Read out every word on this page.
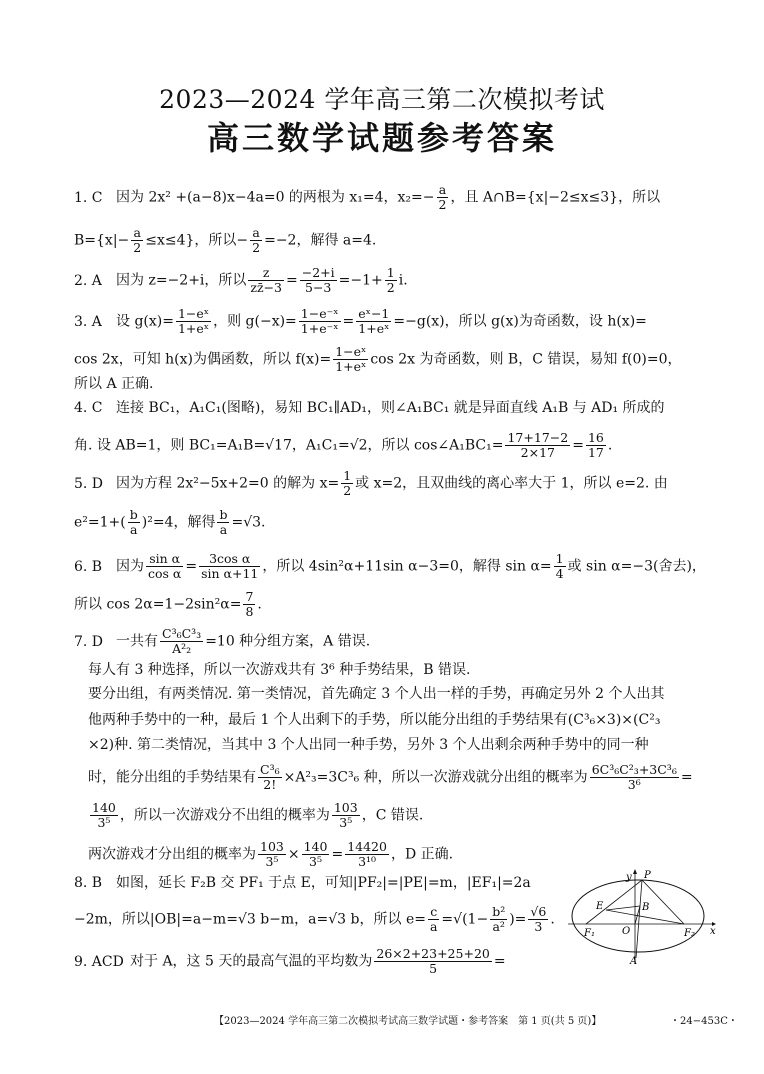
2023—2024 学年高三第二次模拟考试
高三数学试题参考答案
1. C 因为 2x² +(a−8)x−4a=0 的两根为 x₁=4，$x_2=- \frac{a}{2}$ ，且 A∩B={x|−2≤x≤3}，所以
$B=\{x|- \frac{a}{2} \le x\le 4\}$，所以− $\frac{a}{2} =-2$，解得 a=4.
2. A 因为 z=−2+i，所以 $\frac{z}{zz̄-3} = \frac{-2+i}{5-3} =-1+ \frac{1}{2} i$.
3. A 设 $g(x)= \frac{\text{1−eˣ}}{\text{1+eˣ}}$ ，则 $g(-x)= \frac{\text{1−e⁻ˣ}}{\text{1+e⁻ˣ}} = \frac{\text{eˣ−1}}{\text{1+eˣ}} =-g(x)$，所以 g(x)为奇函数，设 h(x)=
cos 2x，可知 h(x)为偶函数，所以 $f(x)= \frac{\text{1−eˣ}}{\text{1+eˣ}}$ cos 2x 为奇函数，则 B，C 错误，易知 f(0)=0，
所以 A 正确.
4. C 连接 BC₁，A₁C₁(图略)，易知 BC₁∥AD₁，则∠A₁BC₁ 就是异面直线 A₁B 与 AD₁ 所成的
角. 设 AB=1，则 BC₁=A₁B=√17，A₁C₁=√2，所以 cos∠A₁BC₁= $\frac{17+17-2}{2\times 17} = \frac{16}{17}$ .
5. D 因为方程 2x²−5x+2=0 的解为 $x= \frac{1}{2}$ 或 x=2，且双曲线的离心率大于 1，所以 e=2. 由
$e^2=1+( \frac{b}{a} )^2=4$，解得 $\frac{b}{a} =√3$.
6. B 因为 $\frac{\text{sin α}}{\text{cos α}} = \frac{\text{3cos α}}{\text{sin α+11}}$ ，所以 4sin²α+11sin α−3=0，解得 $\sin \alpha= \frac{1}{4}$ 或 sin α=−3(舍去)，
所以 $\cos 2\alpha=1-2\sin^2\alpha= \frac{7}{8}$ .
7. D 一共有 $\frac{\text{C³₆C³₃}}{\text{A²₂}} =10$ 种分组方案，A 错误.
每人有 3 种选择，所以一次游戏共有 3⁶ 种手势结果，B 错误.
要分出组，有两类情况. 第一类情况，首先确定 3 个人出一样的手势，再确定另外 2 个人出其
他两种手势中的一种，最后 1 个人出剩下的手势，所以能分出组的手势结果有(C³₆×3)×(C²₃
×2)种. 第二类情况，当其中 3 个人出同一种手势，另外 3 个人出剩余两种手势中的同一种
时，能分出组的手势结果有 $\frac{\text{C³₆}}{2!} \times A^2_3=3C^3_6$ 种，所以一次游戏就分出组的概率为 $\frac{\text{6C³₆C²₃+3C³₆}}{\text{3⁶}}$ =
$\frac{140}{\text{3⁵}}$ ，所以一次游戏分不出组的概率为 $\frac{103}{\text{3⁵}}$ ，C 错误.
两次游戏才分出组的概率为 $\frac{103}{\text{3⁵}} \times \frac{140}{\text{3⁵}} = \frac{14420}{\text{3¹⁰}}$ ，D 正确.
8. B 如图，延长 F₂B 交 PF₁ 于点 E，可知|PF₂|=|PE|=m，|EF₁|=2a
−2m，所以|OB|=a−m=√3 b−m，a=√3 b，所以 $e= \frac{c}{a} =√(1- \frac{\text{b²}}{\text{a²}}$ )= $\frac{√6}{3}$ .
9. ACD 对于 A，这 5 天的最高气温的平均数为 $\frac{26\times 2+23+25+20}{5}$ =
y
x
P
E	B
F₁	O	F₂
A
【2023—2024 学年高三第二次模拟考试高三数学试题・参考答案　第 1 页(共 5 页)】	・24−453C・
